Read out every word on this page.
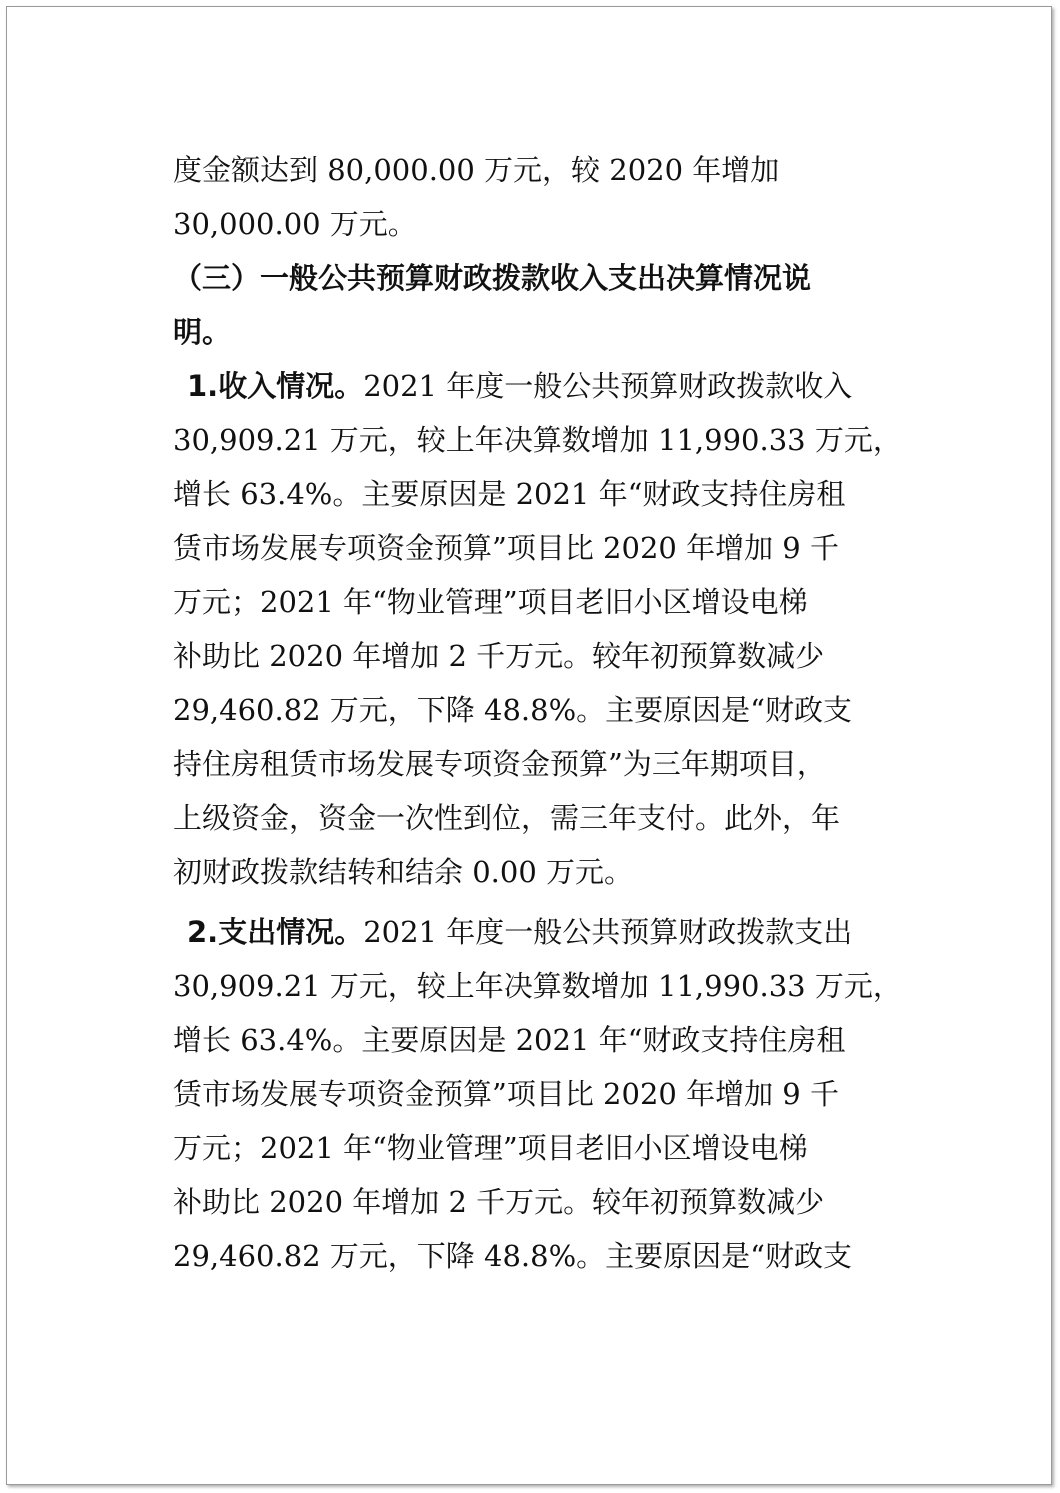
度金额达到 80,000.00 万元，较 2020 年增加
30,000.00 万元。
（三）一般公共预算财政拨款收入支出决算情况说
明。
1.收入情况。2021 年度一般公共预算财政拨款收入
30,909.21 万元，较上年决算数增加 11,990.33 万元，
增长 63.4%。主要原因是 2021 年“财政支持住房租
赁市场发展专项资金预算”项目比 2020 年增加 9 千
万元；2021 年“物业管理”项目老旧小区增设电梯
补助比 2020 年增加 2 千万元。较年初预算数减少
29,460.82 万元，下降 48.8%。主要原因是“财政支
持住房租赁市场发展专项资金预算”为三年期项目，
上级资金，资金一次性到位，需三年支付。此外，年
初财政拨款结转和结余 0.00 万元。
2.支出情况。2021 年度一般公共预算财政拨款支出
30,909.21 万元，较上年决算数增加 11,990.33 万元，
增长 63.4%。主要原因是 2021 年“财政支持住房租
赁市场发展专项资金预算”项目比 2020 年增加 9 千
万元；2021 年“物业管理”项目老旧小区增设电梯
补助比 2020 年增加 2 千万元。较年初预算数减少
29,460.82 万元，下降 48.8%。主要原因是“财政支
